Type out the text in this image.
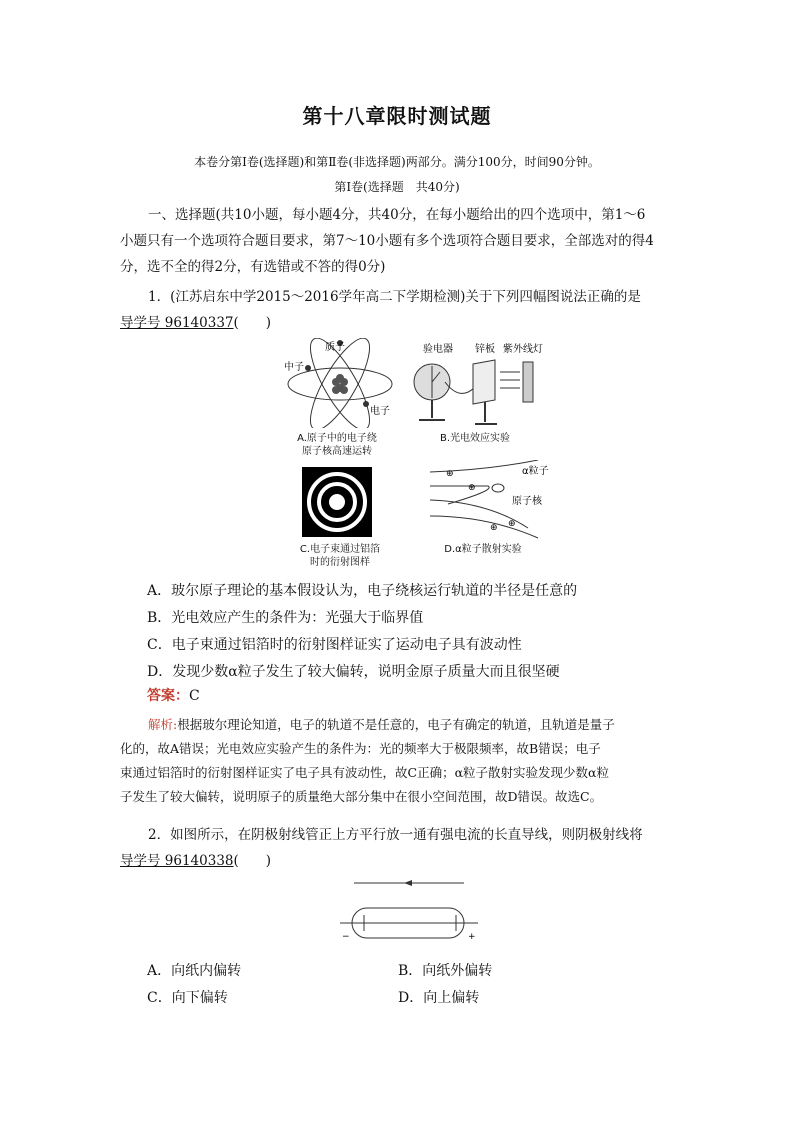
第十八章限时测试题
本卷分第Ⅰ卷(选择题)和第Ⅱ卷(非选择题)两部分。满分100分，时间90分钟。
第Ⅰ卷(选择题　共40分)
一、选择题(共10小题，每小题4分，共40分，在每小题给出的四个选项中，第1～6
小题只有一个选项符合题目要求，第7～10小题有多个选项符合题目要求，全部选对的得4
分，选不全的得2分，有选错或不答的得0分)
1．(江苏启东中学2015～2016学年高二下学期检测)关于下列四幅图说法正确的是
导学号 96140337(　　)
质子
中子
电子
A.原子中的电子绕
原子核高速运转
验电器 锌板 紫外线灯
B.光电效应实验
C.电子束通过铝箔
时的衍射图样
⊕
⊕
⊕ ⊕
α粒子
原子核
D.α粒子散射实验
A．玻尔原子理论的基本假设认为，电子绕核运行轨道的半径是任意的
B．光电效应产生的条件为：光强大于临界值
C．电子束通过铝箔时的衍射图样证实了运动电子具有波动性
D．发现少数α粒子发生了较大偏转，说明金原子质量大而且很坚硬
答案：C
解析:根据玻尔理论知道，电子的轨道不是任意的，电子有确定的轨道，且轨道是量子
化的，故A错误；光电效应实验产生的条件为：光的频率大于极限频率，故B错误；电子
束通过铝箔时的衍射图样证实了电子具有波动性，故C正确；α粒子散射实验发现少数α粒
子发生了较大偏转，说明原子的质量绝大部分集中在很小空间范围，故D错误。故选C。
2．如图所示，在阴极射线管正上方平行放一通有强电流的长直导线，则阴极射线将
导学号 96140338(　　)
−	+
A．向纸内偏转	B．向纸外偏转
C．向下偏转	D．向上偏转
